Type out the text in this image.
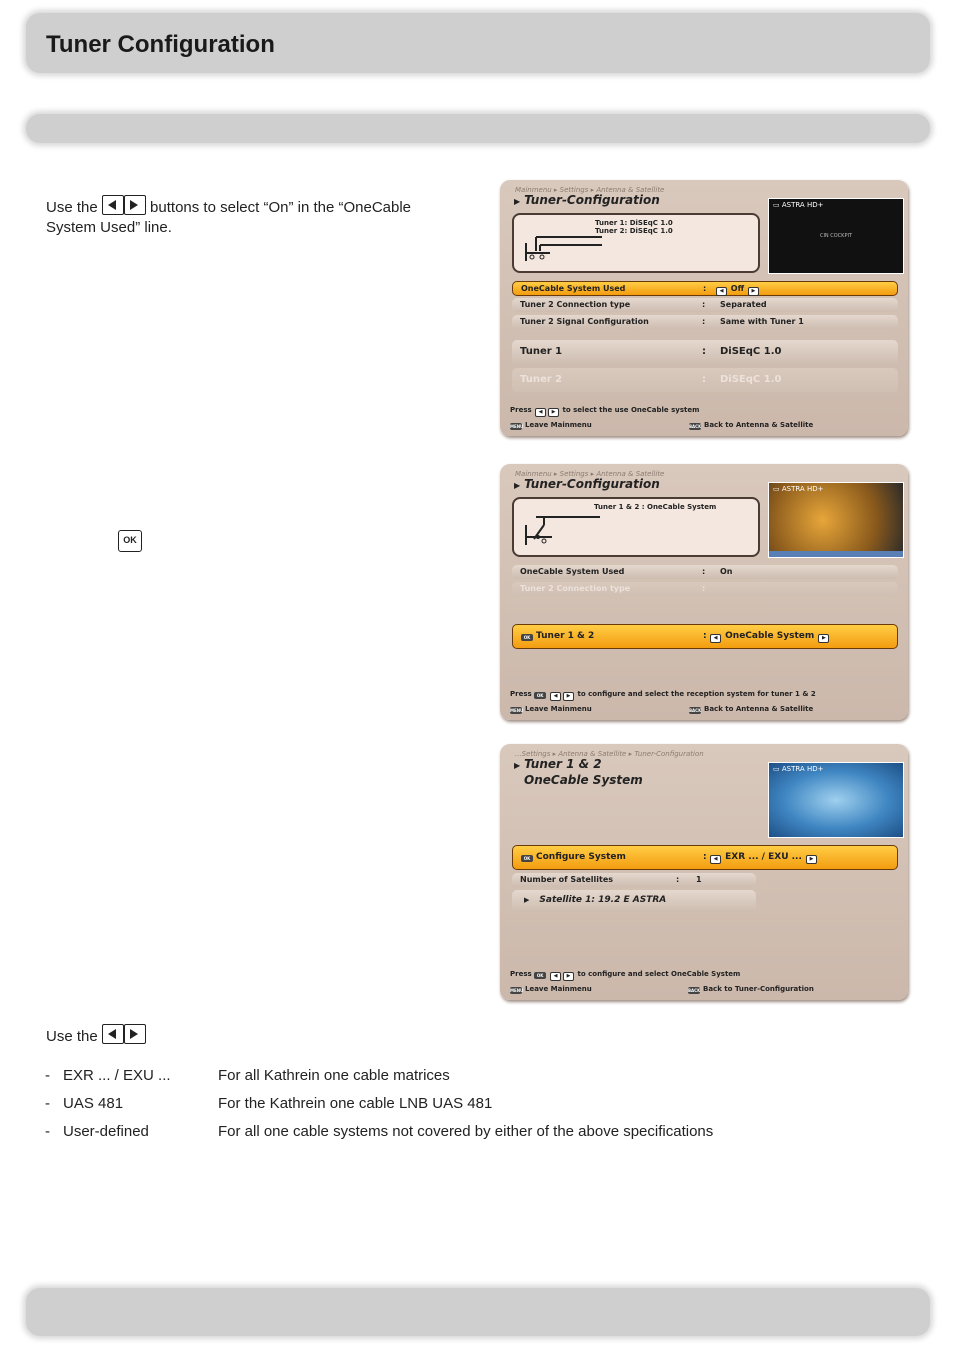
Tuner Configuration
Use the	buttons to select “On” in the “OneCable
System Used” line.
OK
Use the
- EXR ... / EXU ...	For all Kathrein one cable matrices
- UAS 481	For the Kathrein one cable LNB UAS 481
- User-defined	For all one cable systems not covered by either of the above specifications
Mainmenu ▸ Settings ▸ Antenna & Satellite
▶ Tuner-Configuration	▭ ASTRA HD+
CIN COCKPIT
Tuner 1: DiSEqC 1.0
Tuner 2: DiSEqC 1.0
OneCable System Used	:	◀ Off ▶
Tuner 2 Connection type	: Separated
Tuner 2 Signal Configuration	: Same with Tuner 1
Tuner 1	: DiSEqC 1.0
Tuner 2	: DiSEqC 1.0
Press ◀ ▶ to select the use OneCable system
MENU Leave Mainmenu	BACK Back to Antenna & Satellite
Mainmenu ▸ Settings ▸ Antenna & Satellite
▶ Tuner-Configuration	▭ ASTRA HD+
Tuner 1 & 2 : OneCable System
OneCable System Used	: On
Tuner 2 Connection type	:
OK Tuner 1 & 2	:	◀ OneCable System ▶
Press OK ◀ ▶ to configure and select the reception system for tuner 1 & 2
MENU Leave Mainmenu	BACK Back to Antenna & Satellite
...Settings ▸ Antenna & Satellite ▸ Tuner-Configuration
▶ Tuner 1 & 2
OneCable System
▭ ASTRA HD+
OK Configure System	:	◀ EXR ... / EXU ... ▶
Number of Satellites	: 1
▶ Satellite 1: 19.2 E ASTRA
Press OK ◀ ▶ to configure and select OneCable System
MENU Leave Mainmenu	BACK Back to Tuner-Configuration
